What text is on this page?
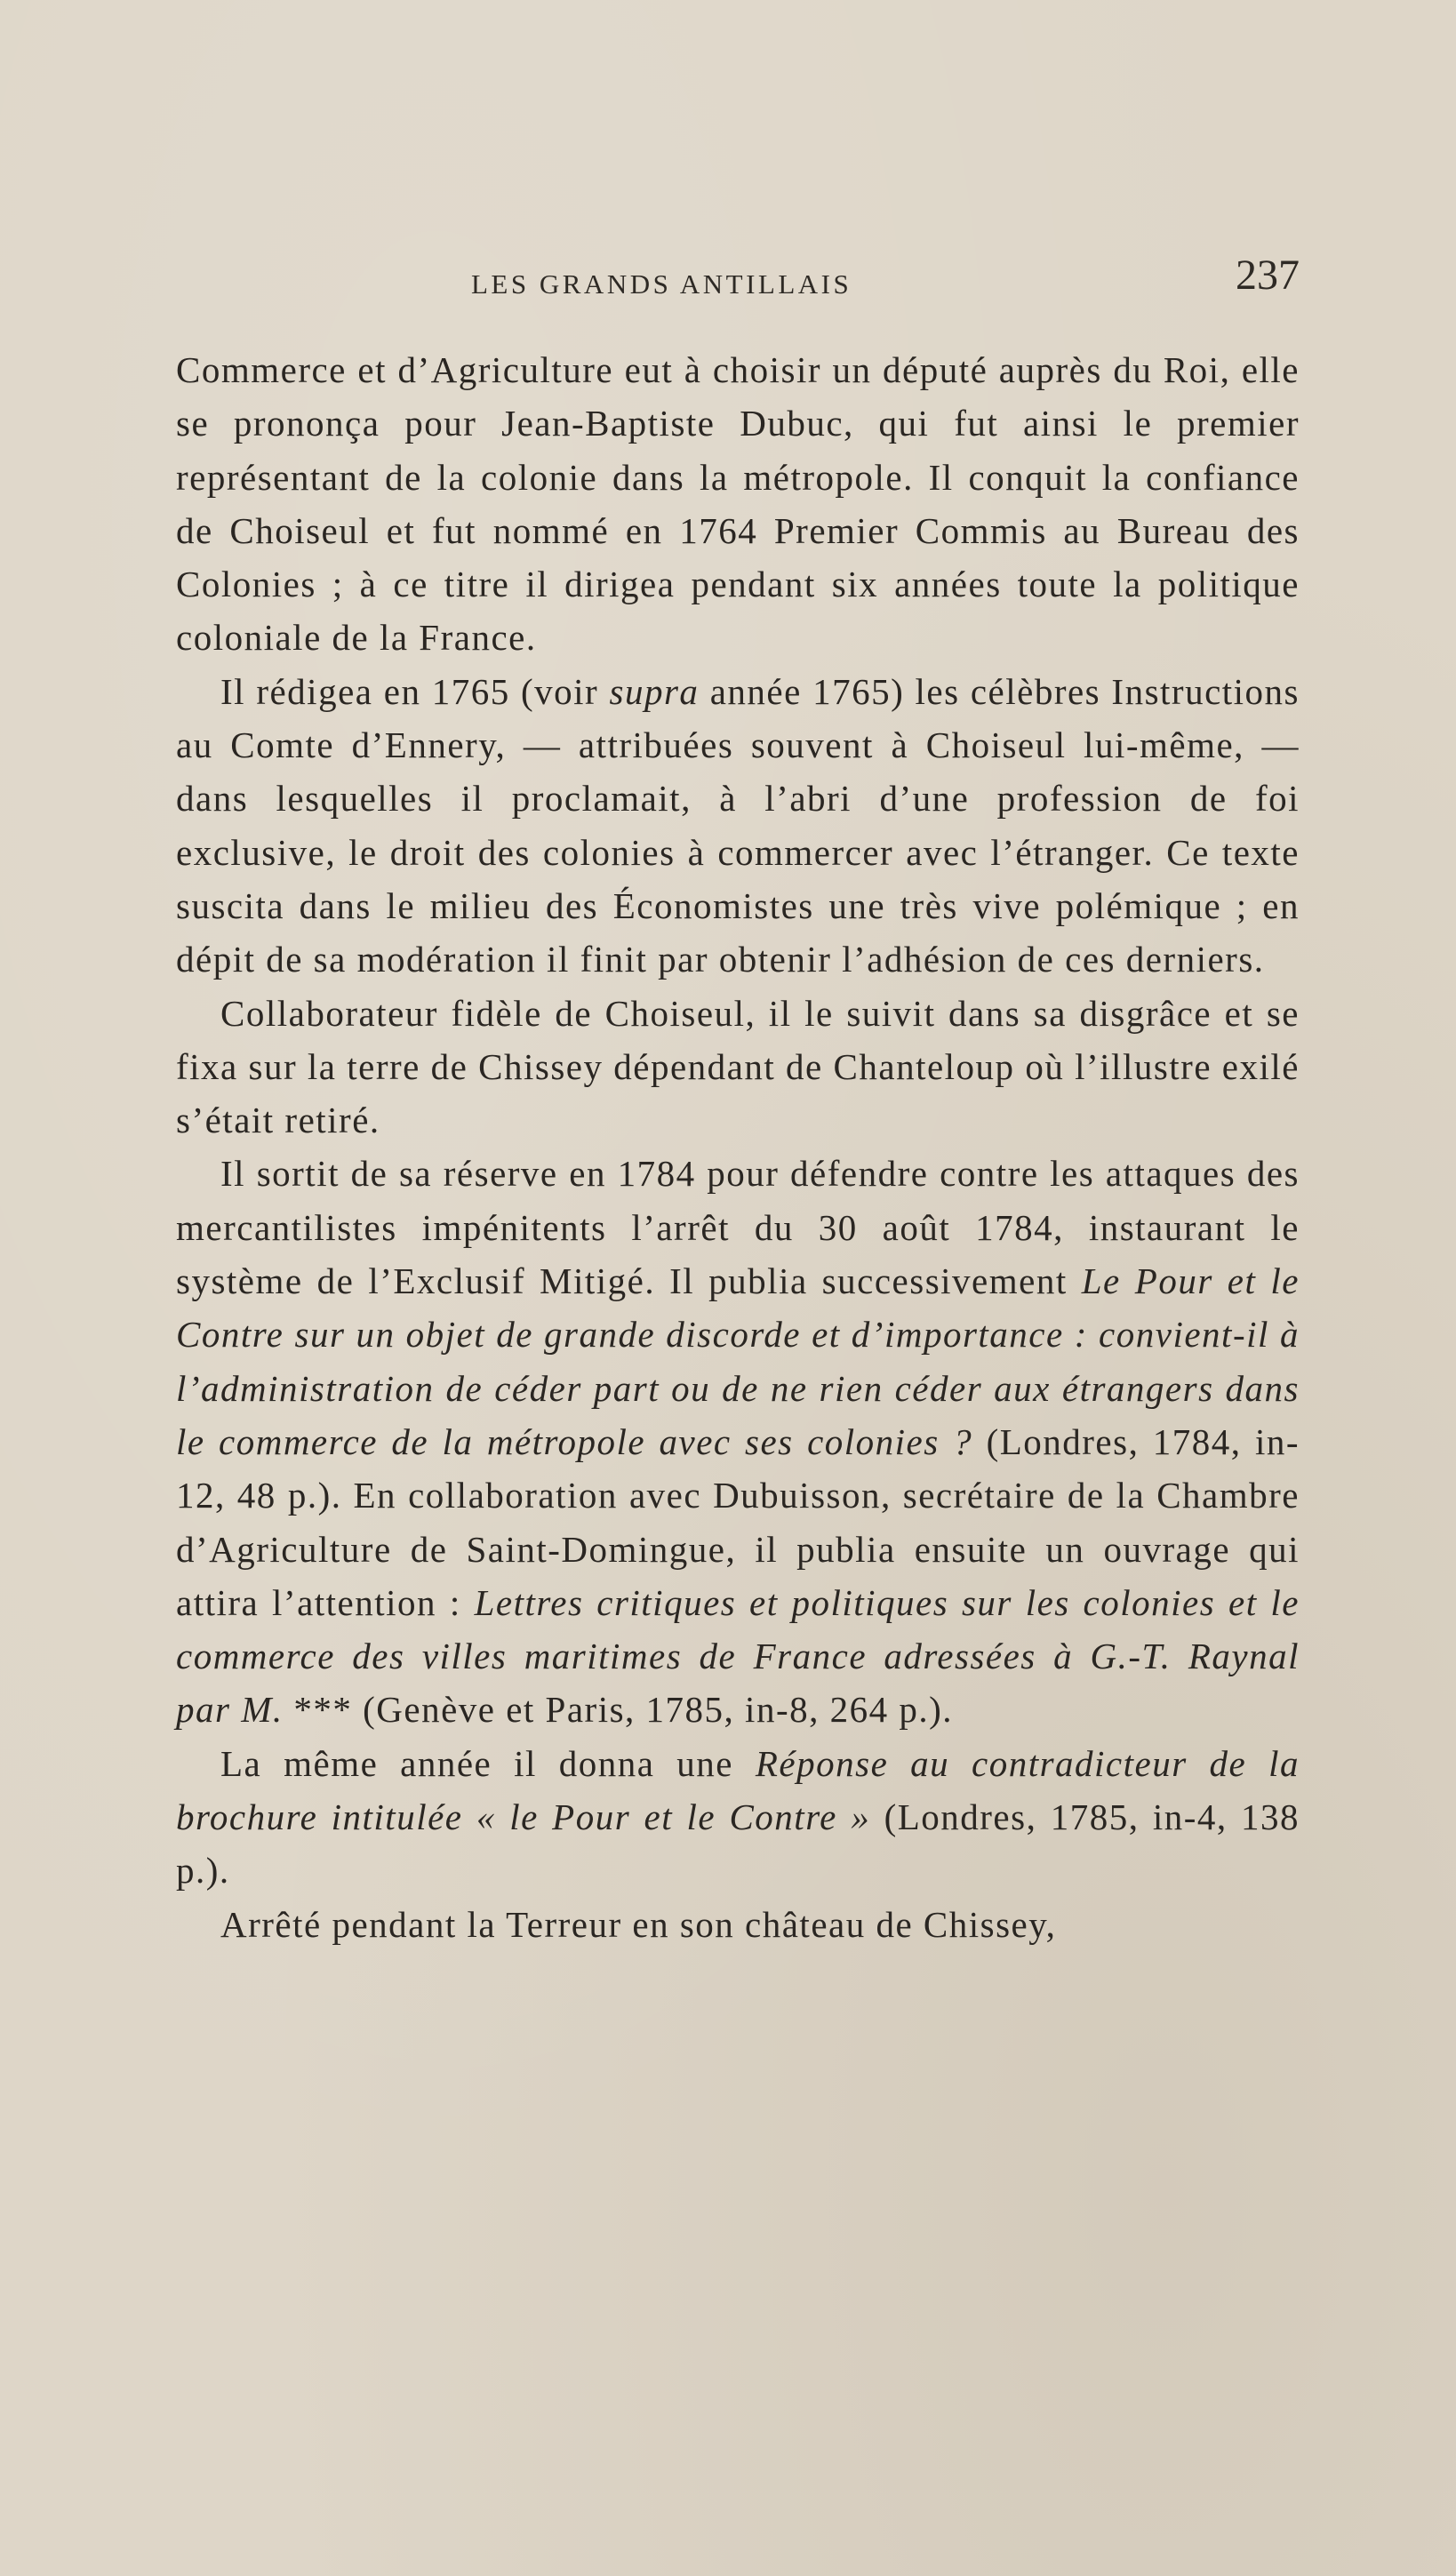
LES GRANDS ANTILLAIS	237

Commerce et d’Agriculture eut à choisir un député auprès du Roi, elle se prononça pour Jean-Baptiste Dubuc, qui fut ainsi le premier représentant de la colonie dans la métropole. Il conquit la confiance de Choiseul et fut nommé en 1764 Premier Commis au Bureau des Colonies ; à ce titre il dirigea pendant six années toute la politique coloniale de la France.

Il rédigea en 1765 (voir supra année 1765) les célèbres Instructions au Comte d’Ennery, — attribuées souvent à Choiseul lui-même, — dans lesquelles il proclamait, à l’abri d’une profession de foi exclusive, le droit des colonies à commercer avec l’étranger. Ce texte suscita dans le milieu des Économistes une très vive polémique ; en dépit de sa modération il finit par obtenir l’adhésion de ces derniers.

Collaborateur fidèle de Choiseul, il le suivit dans sa disgrâce et se fixa sur la terre de Chissey dépendant de Chanteloup où l’illustre exilé s’était retiré.

Il sortit de sa réserve en 1784 pour défendre contre les attaques des mercantilistes impénitents l’arrêt du 30 août 1784, instaurant le système de l’Exclusif Mitigé. Il publia successivement Le Pour et le Contre sur un objet de grande discorde et d’importance : convient-il à l’administration de céder part ou de ne rien céder aux étrangers dans le commerce de la métropole avec ses colonies ? (Londres, 1784, in-12, 48 p.). En collaboration avec Dubuisson, secrétaire de la Chambre d’Agriculture de Saint-Domingue, il publia ensuite un ouvrage qui attira l’attention : Lettres critiques et politiques sur les colonies et le commerce des villes maritimes de France adressées à G.-T. Raynal par M. *** (Genève et Paris, 1785, in-8, 264 p.).

La même année il donna une Réponse au contradicteur de la brochure intitulée « le Pour et le Contre » (Londres, 1785, in-4, 138 p.).

Arrêté pendant la Terreur en son château de Chissey,
